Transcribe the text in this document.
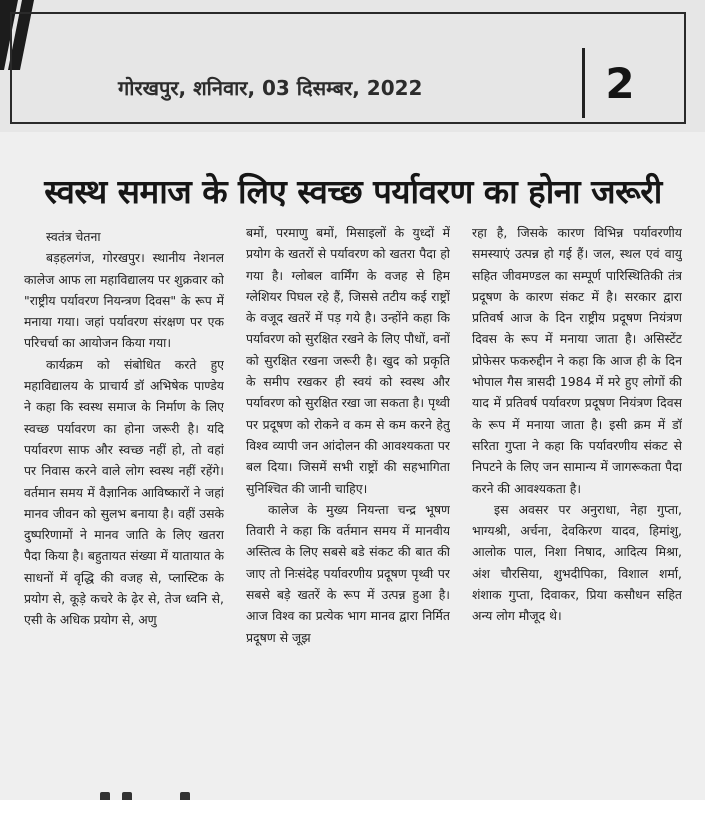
गोरखपुर, शनिवार, 03 दिसम्बर, 2022	2
स्वस्थ समाज के लिए स्वच्छ पर्यावरण का होना जरूरी
स्वतंत्र चेतना

बड़हलगंज, गोरखपुर। स्थानीय नेशनल कालेज आफ ला महाविद्यालय पर शुक्रवार को "राष्ट्रीय पर्यावरण नियन्त्रण दिवस" के रूप में मनाया गया। जहां पर्यावरण संरक्षण पर एक परिचर्चा का आयोजन किया गया।

कार्यक्रम को संबोधित करते हुए महाविद्यालय के प्राचार्य डॉ अभिषेक पाण्डेय ने कहा कि स्वस्थ समाज के निर्माण के लिए स्वच्छ पर्यावरण का होना जरूरी है। यदि पर्यावरण साफ और स्वच्छ नहीं हो, तो वहां पर निवास करने वाले लोग स्वस्थ नहीं रहेंगे। वर्तमान समय में वैज्ञानिक आविष्कारों ने जहां मानव जीवन को सुलभ बनाया है। वहीं उसके दुष्परिणामों ने मानव जाति के लिए खतरा पैदा किया है। बहुतायत संख्या में यातायात के साधनों में वृद्धि की वजह से, प्लास्टिक के प्रयोग से, कूड़े कचरे के ढ़ेर से, तेज ध्वनि से, एसी के अधिक प्रयोग से, अणु

बमों, परमाणु बमों, मिसाइलों के युध्दों में प्रयोग के खतरों से पर्यावरण को खतरा पैदा हो गया है। ग्लोबल वार्मिंग के वजह से हिम ग्लेशियर पिघल रहे हैं, जिससे तटीय कई राष्ट्रों के वजूद खतरें में पड़ गये है। उन्होंने कहा कि पर्यावरण को सुरक्षित रखने के लिए पौधों, वनों को सुरक्षित रखना जरूरी है। खुद को प्रकृति के समीप रखकर ही स्वयं को स्वस्थ और पर्यावरण को सुरक्षित रखा जा सकता है। पृथ्वी पर प्रदूषण को रोकने व कम से कम करने हेतु विश्व व्यापी जन आंदोलन की आवश्यकता पर बल दिया। जिसमें सभी राष्ट्रों की सहभागिता सुनिश्चित की जानी चाहिए।

कालेज के मुख्य नियन्ता चन्द्र भूषण तिवारी ने कहा कि वर्तमान समय में मानवीय अस्तित्व के लिए सबसे बडे संकट की बात की जाए तो निःसंदेह पर्यावरणीय प्रदूषण पृथ्वी पर सबसे बड़े खतरें के रूप में उत्पन्न हुआ है। आज विश्व का प्रत्येक भाग मानव द्वारा निर्मित प्रदूषण से जूझ

रहा है, जिसके कारण विभिन्न पर्यावरणीय समस्याएं उत्पन्न हो गई हैं। जल, स्थल एवं वायु सहित जीवमण्डल का सम्पूर्ण पारिस्थितिकी तंत्र प्रदूषण के कारण संकट में है। सरकार द्वारा प्रतिवर्ष आज के दिन राष्ट्रीय प्रदूषण नियंत्रण दिवस के रूप में मनाया जाता है। असिस्टेंट प्रोफेसर फकरुद्दीन ने कहा कि आज ही के दिन भोपाल गैस त्रासदी 1984 में मरे हुए लोगों की याद में प्रतिवर्ष पर्यावरण प्रदूषण नियंत्रण दिवस के रूप में मनाया जाता है। इसी क्रम में डॉ सरिता गुप्ता ने कहा कि पर्यावरणीय संकट से निपटने के लिए जन सामान्य में जागरूकता पैदा करने की आवश्यकता है।

इस अवसर पर अनुराधा, नेहा गुप्ता, भाग्यश्री, अर्चना, देवकिरण यादव, हिमांशु, आलोक पाल, निशा निषाद, आदित्य मिश्रा, अंश चौरसिया, शुभदीपिका, विशाल शर्मा, शंशाक गुप्ता, दिवाकर, प्रिया कसौधन सहित अन्य लोग मौजूद थे।
